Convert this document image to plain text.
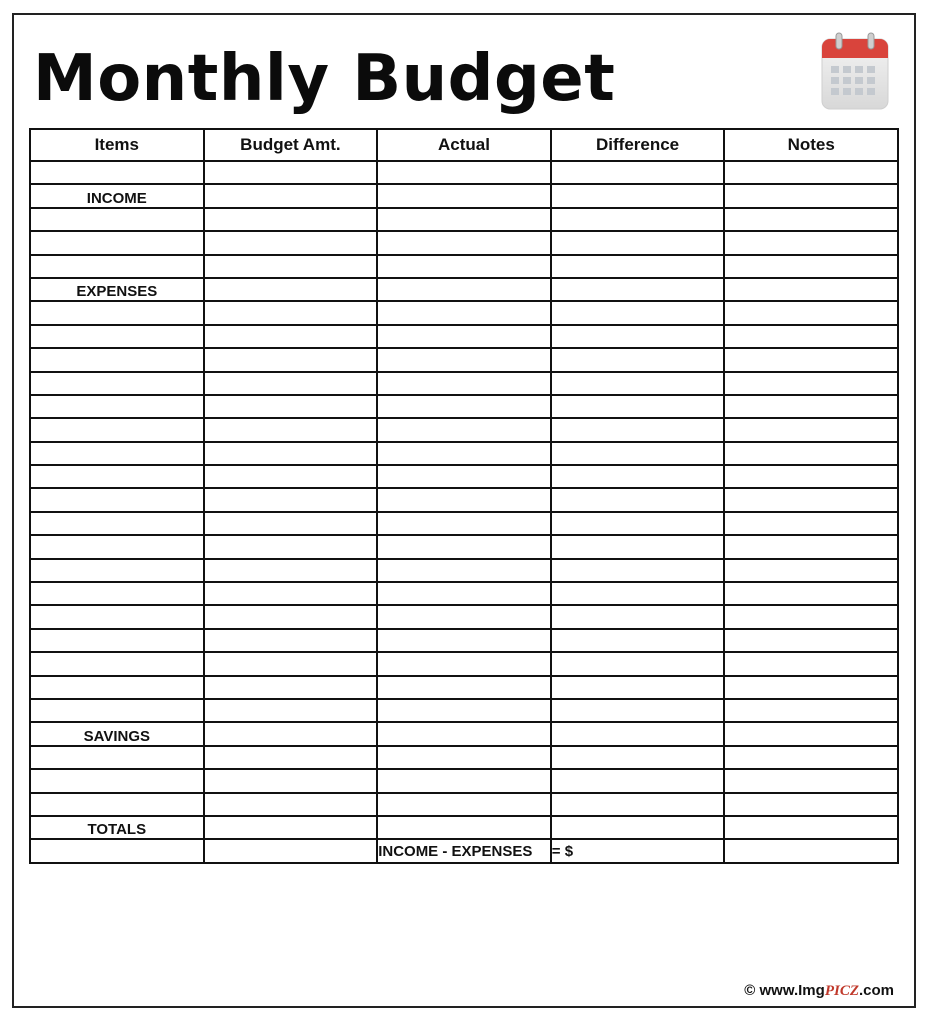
Monthly Budget
Items	Budget Amt.	Actual	Difference	Notes

INCOME				

EXPENSES				

SAVINGS				

TOTALS				
		INCOME - EXPENSES	= $	
© www.ImgPICZ.com
